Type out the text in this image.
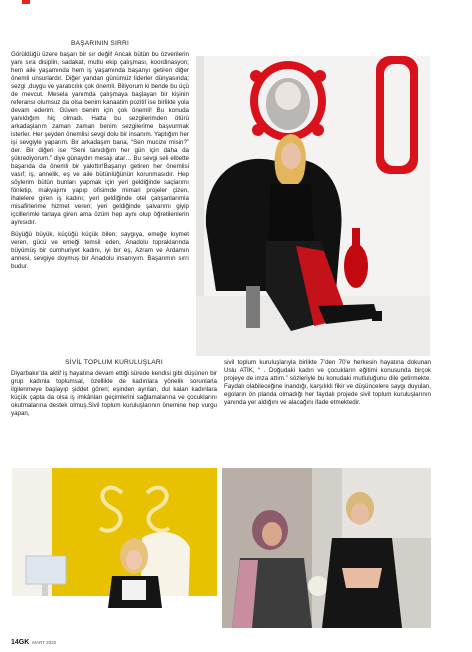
BAŞARININ SIRRI

Görüldüğü üzere başarı bir sır değil! Ancak bütün bu özverilerin yanı sıra disiplin, sadakat, mutlu ekip çalışması, koordinasyon; hem aile yaşamında hem iş yaşamında başarıyı getiren diğer önemli unsurlardır. Diğer yandan günümüz liderler dünyasında; sezgi ,duygu ve yaratıcılık çok önemli. Biliyorum ki bende bu üçü de mevcut. Mesela yanımda çalışmaya başlayan bir kişinin referansı olumsuz da olsa benim kanaatim pozitif ise birlikte yola devam ederim. Güven benim için çok önemli! Bu konuda yanıldığım hiç olmadı. Hatta bu sezgilerimden ötürü arkadaşlarım zaman zaman benim sezgilerime başvurmak isterler. Her şeyden önemlisi sevgi dolu bir insanım. Yaptığım her işi sevgiyle yaparım. Bir arkadaşım bana, “Sen mucize misin?” der. Bir diğeri ise “Seni tanıdığım her gün için daha da şükrediyorum.” diye günaydın mesajı atar… Bu sevgi seli elbette başarıda da önemli bir yakıttır!Başarıyı getiren her önemlisi vasıf; iş, annelik, eş ve aile bütünlüğünün korunmasıdır. Hep söylerim bütün bunları yapmak için yeri geldiğinde saçlarımı fönletip, makyajımı yapıp ofisimde mimari projeler çizen, ihalelere giren iş kadını; yeri geldiğinde otel çalışanlarımla misafirlerime hizmet veren; yeri geldiğinde şalvarımı giyip içcillerimle tarlaya giren ama özüm hep aynı olup öğretilenlerin aynısıdır.

Büyüğü büyük, küçüğü küçük bilen; saygıya, emeğe kıymet veren, gücü ve emeği temsil eden, Anadolu topraklarında büyümüş bir cumhuriyet kadını, iyi bir eş, Azram ve Ardamın annesi, sevgiye doymuş bir Anadolu insanıyım. Başarımın sırrı budur.

SİVİL TOPLUM KURULUŞLARI

Diyarbakır’da aktif iş hayatına devam ettiği sürede kendisi gibi düşünen bir grup kadınla toplumsal, özellikle de kadınlara yönelik sorunlarla ilgilenmeye başlayıp şiddet gören; eşinden ayrılan, dul kalan kadınlara küçük çapta da olsa iş imkânları geçimlerini sağlamalarına ve çocuklarını okutmalarına destek olmuş.Sivil toplum kuruluşlarının önemine hep vurgu yapan,

sivil toplum kuruluşlarıyla birlikte 7’den 70’e herkesin hayatına dokunan Uslu ATİK, “ . Doğudaki kadın ve çocukların eğitimi konusunda birçok projeye de imza attım.” sözleriyle bu konudaki mutluluğunu dile getirmekte. Faydalı olabileceğine inandığı, karşılıklı fikir ve düşüncelere saygı duyulan, egoların ön planda olmadığı her faydalı projede sivil toplum kuruluşlarının yanında yer aldığını ve alacağını ifade etmektedir.

14GK MART 2020
